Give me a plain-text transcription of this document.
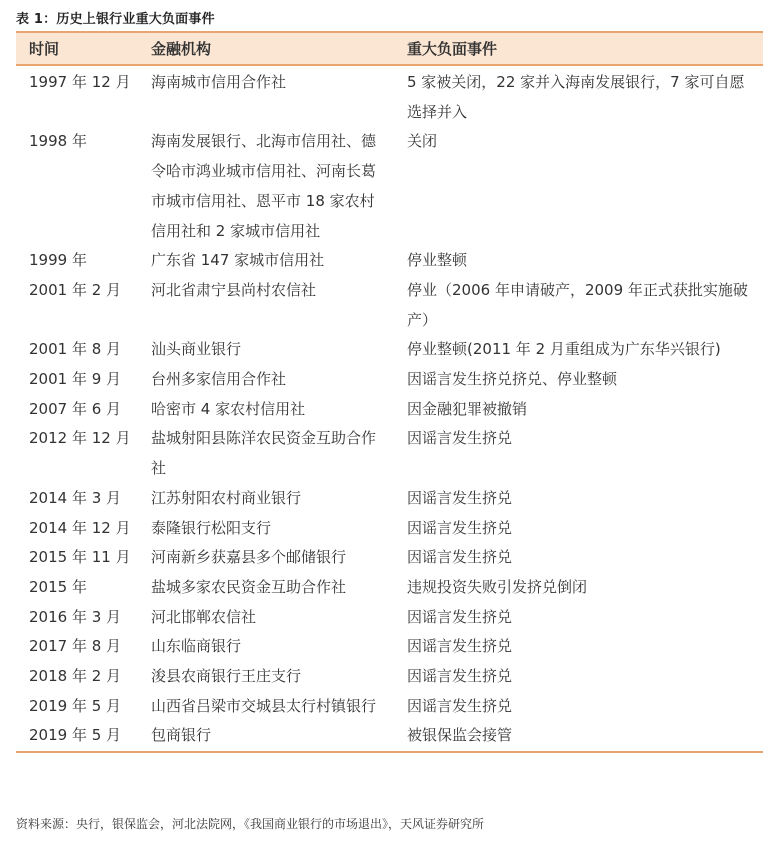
表 1：历史上银行业重大负面事件
时间	金融机构	重大负面事件
1997 年 12 月	海南城市信用合作社	5 家被关闭，22 家并入海南发展银行，7 家可自愿选择并入
1998 年	海南发展银行、北海市信用社、德令哈市鸿业城市信用社、河南长葛市城市信用社、恩平市 18 家农村信用社和 2 家城市信用社	关闭
1999 年	广东省 147 家城市信用社	停业整顿
2001 年 2 月	河北省肃宁县尚村农信社	停业（2006 年申请破产，2009 年正式获批实施破产）
2001 年 8 月	汕头商业银行	停业整顿(2011 年 2 月重组成为广东华兴银行)
2001 年 9 月	台州多家信用合作社	因谣言发生挤兑挤兑、停业整顿
2007 年 6 月	哈密市 4 家农村信用社	因金融犯罪被撤销
2012 年 12 月	盐城射阳县陈洋农民资金互助合作社	因谣言发生挤兑
2014 年 3 月	江苏射阳农村商业银行	因谣言发生挤兑
2014 年 12 月	泰隆银行松阳支行	因谣言发生挤兑
2015 年 11 月	河南新乡获嘉县多个邮储银行	因谣言发生挤兑
2015 年	盐城多家农民资金互助合作社	违规投资失败引发挤兑倒闭
2016 年 3 月	河北邯郸农信社	因谣言发生挤兑
2017 年 8 月	山东临商银行	因谣言发生挤兑
2018 年 2 月	浚县农商银行王庄支行	因谣言发生挤兑
2019 年 5 月	山西省吕梁市交城县太行村镇银行	因谣言发生挤兑
2019 年 5 月	包商银行	被银保监会接管
资料来源：央行，银保监会，河北法院网，《我国商业银行的市场退出》，天风证券研究所
